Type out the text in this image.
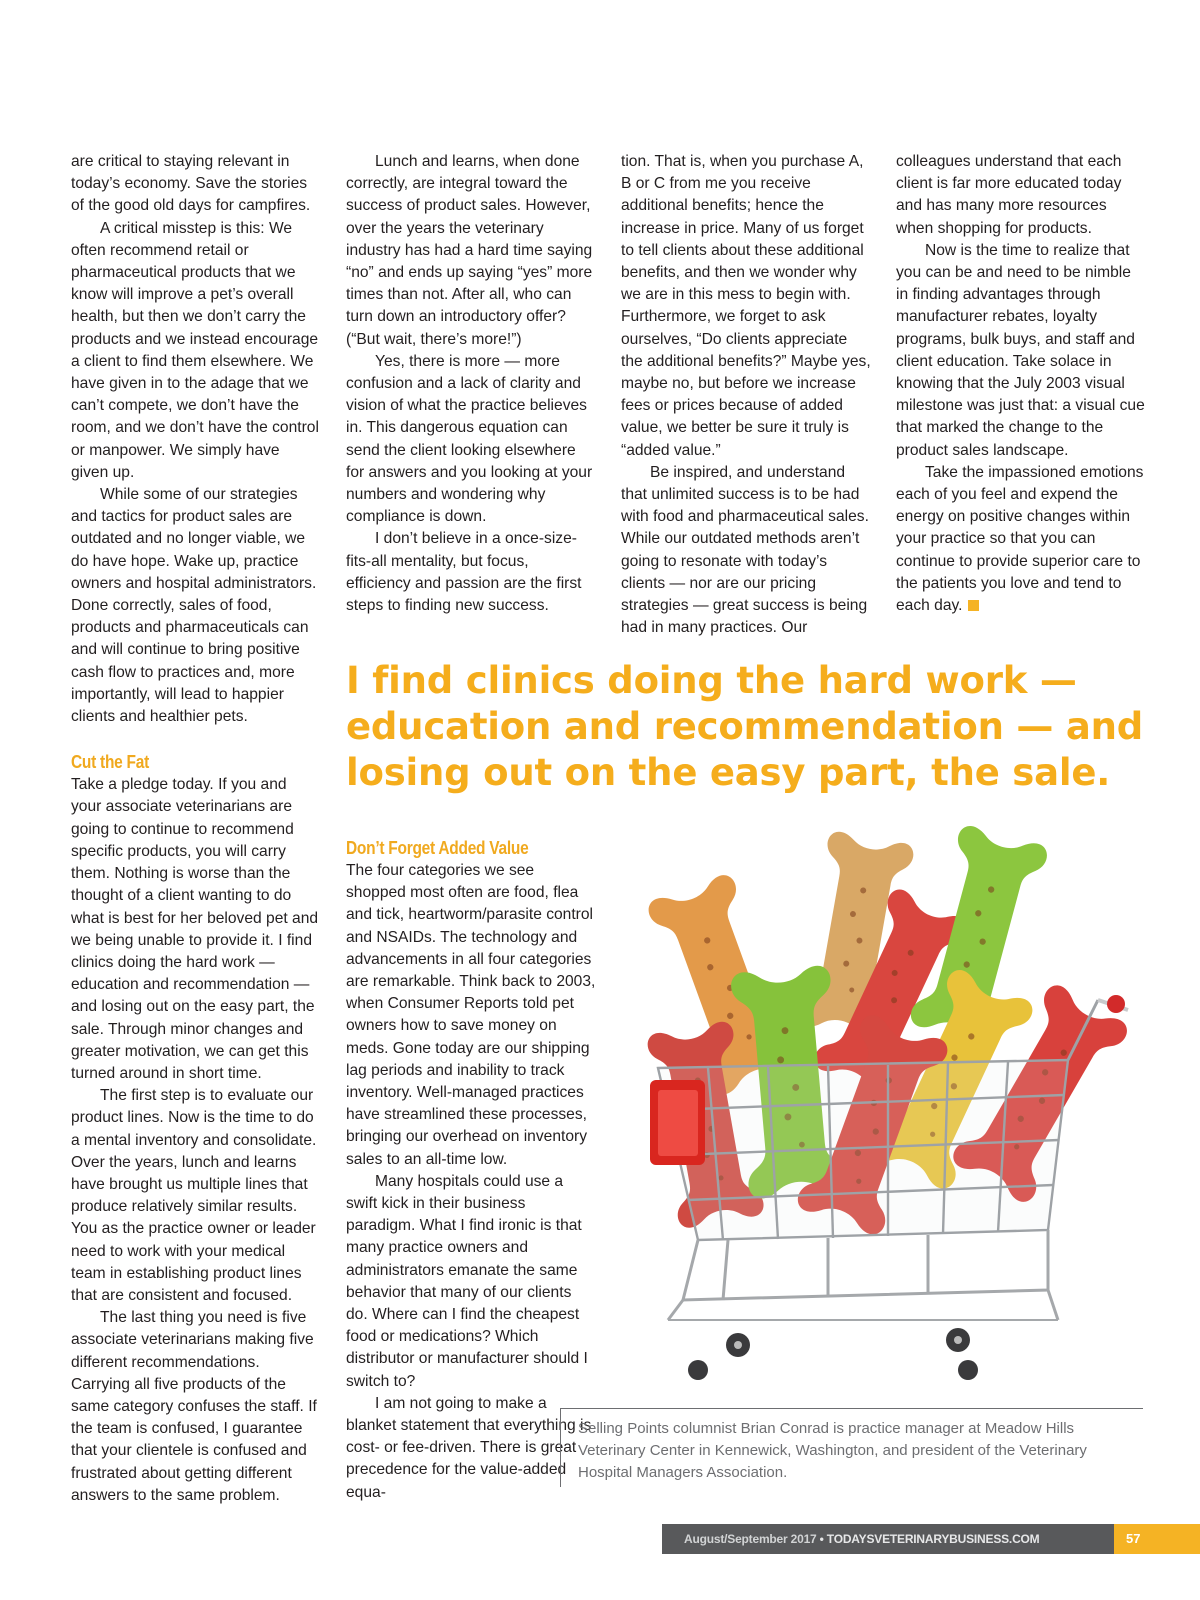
are critical to staying relevant in today’s economy. Save the stories of the good old days for campfires.

A critical misstep is this: We often recommend retail or pharmaceutical products that we know will improve a pet’s overall health, but then we don’t carry the products and we instead encourage a client to find them elsewhere. We have given in to the adage that we can’t compete, we don’t have the room, and we don’t have the control or manpower. We simply have given up.

While some of our strategies and tactics for product sales are outdated and no longer viable, we do have hope. Wake up, practice owners and hospital administrators. Done correctly, sales of food, products and pharmaceuticals can and will continue to bring positive cash flow to practices and, more importantly, will lead to happier clients and healthier pets.

Cut the Fat

Take a pledge today. If you and your associate veterinarians are going to continue to recommend specific products, you will carry them. Nothing is worse than the thought of a client wanting to do what is best for her beloved pet and we being unable to provide it. I find clinics doing the hard work — education and recommendation — and losing out on the easy part, the sale. Through minor changes and greater motivation, we can get this turned around in short time.

The first step is to evaluate our product lines. Now is the time to do a mental inventory and consolidate. Over the years, lunch and learns have brought us multiple lines that produce relatively similar results. You as the practice owner or leader need to work with your medical team in establishing product lines that are consistent and focused.

The last thing you need is five associate veterinarians making five different recommendations. Carrying all five products of the same category confuses the staff. If the team is confused, I guarantee that your clientele is confused and frustrated about getting different answers to the same problem.

Lunch and learns, when done correctly, are integral toward the success of product sales. However, over the years the veterinary industry has had a hard time saying “no” and ends up saying “yes” more times than not. After all, who can turn down an introductory offer? (“But wait, there’s more!”)

Yes, there is more — more confusion and a lack of clarity and vision of what the practice believes in. This dangerous equation can send the client looking elsewhere for answers and you looking at your numbers and wondering why compliance is down.

I don’t believe in a once-size-fits-all mentality, but focus, efficiency and passion are the first steps to finding new success.

tion. That is, when you purchase A, B or C from me you receive additional benefits; hence the increase in price. Many of us forget to tell clients about these additional benefits, and then we wonder why we are in this mess to begin with. Furthermore, we forget to ask ourselves, “Do clients appreciate the additional benefits?” Maybe yes, maybe no, but before we increase fees or prices because of added value, we better be sure it truly is “added value.”

Be inspired, and understand that unlimited success is to be had with food and pharmaceutical sales. While our outdated methods aren’t going to resonate with today’s clients — nor are our pricing strategies — great success is being had in many practices. Our

colleagues understand that each client is far more educated today and has many more resources when shopping for products.

Now is the time to realize that you can be and need to be nimble in finding advantages through manufacturer rebates, loyalty programs, bulk buys, and staff and client education. Take solace in knowing that the July 2003 visual milestone was just that: a visual cue that marked the change to the product sales landscape.

Take the impassioned emotions each of you feel and expend the energy on positive changes within your practice so that you can continue to provide superior care to the patients you love and tend to each day.

I find clinics doing the hard work — education and recommendation — and losing out on the easy part, the sale.
Don’t Forget Added Value

The four categories we see shopped most often are food, flea and tick, heartworm/parasite control and NSAIDs. The technology and advancements in all four categories are remarkable. Think back to 2003, when Consumer Reports told pet owners how to save money on meds. Gone today are our shipping lag periods and inability to track inventory. Well-managed practices have streamlined these processes, bringing our overhead on inventory sales to an all-time low.

Many hospitals could use a swift kick in their business paradigm. What I find ironic is that many practice owners and administrators emanate the same behavior that many of our clients do. Where can I find the cheapest food or medications? Which distributor or manufacturer should I switch to?

I am not going to make a blanket statement that everything is cost- or fee-driven. There is great precedence for the value-added equa-

Selling Points columnist Brian Conrad is practice manager at Meadow Hills Veterinary Center in Kennewick, Washington, and president of the Veterinary Hospital Managers Association.

August/September 2017 • TODAYSVETERINARYBUSINESS.COM	57
